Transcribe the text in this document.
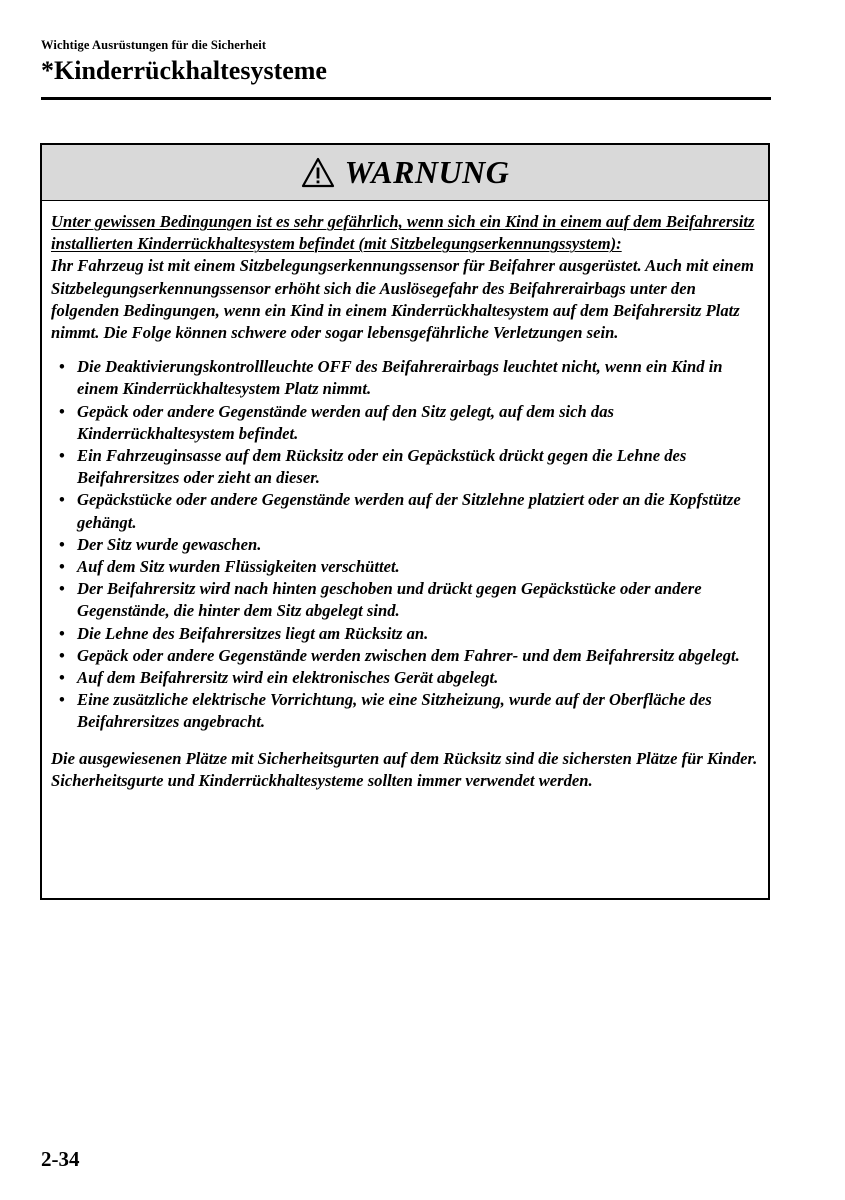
Wichtige Ausrüstungen für die Sicherheit
*Kinderrückhaltesysteme
WARNUNG

Unter gewissen Bedingungen ist es sehr gefährlich, wenn sich ein Kind in einem auf dem Beifahrersitz installierten Kinderrückhaltesystem befindet (mit Sitzbelegungserkennungssystem):

Ihr Fahrzeug ist mit einem Sitzbelegungserkennungssensor für Beifahrer ausgerüstet. Auch mit einem Sitzbelegungserkennungssensor erhöht sich die Auslösegefahr des Beifahrerairbags unter den folgenden Bedingungen, wenn ein Kind in einem Kinderrückhaltesystem auf dem Beifahrersitz Platz nimmt. Die Folge können schwere oder sogar lebensgefährliche Verletzungen sein.

• Die Deaktivierungskontrollleuchte OFF des Beifahrerairbags leuchtet nicht, wenn ein Kind in einem Kinderrückhaltesystem Platz nimmt.
• Gepäck oder andere Gegenstände werden auf den Sitz gelegt, auf dem sich das Kinderrückhaltesystem befindet.
• Ein Fahrzeuginsasse auf dem Rücksitz oder ein Gepäckstück drückt gegen die Lehne des Beifahrersitzes oder zieht an dieser.
• Gepäckstücke oder andere Gegenstände werden auf der Sitzlehne platziert oder an die Kopfstütze gehängt.
• Der Sitz wurde gewaschen.
• Auf dem Sitz wurden Flüssigkeiten verschüttet.
• Der Beifahrersitz wird nach hinten geschoben und drückt gegen Gepäckstücke oder andere Gegenstände, die hinter dem Sitz abgelegt sind.
• Die Lehne des Beifahrersitzes liegt am Rücksitz an.
• Gepäck oder andere Gegenstände werden zwischen dem Fahrer- und dem Beifahrersitz abgelegt.
• Auf dem Beifahrersitz wird ein elektronisches Gerät abgelegt.
• Eine zusätzliche elektrische Vorrichtung, wie eine Sitzheizung, wurde auf der Oberfläche des Beifahrersitzes angebracht.

Die ausgewiesenen Plätze mit Sicherheitsgurten auf dem Rücksitz sind die sichersten Plätze für Kinder. Sicherheitsgurte und Kinderrückhaltesysteme sollten immer verwendet werden.

2-34
